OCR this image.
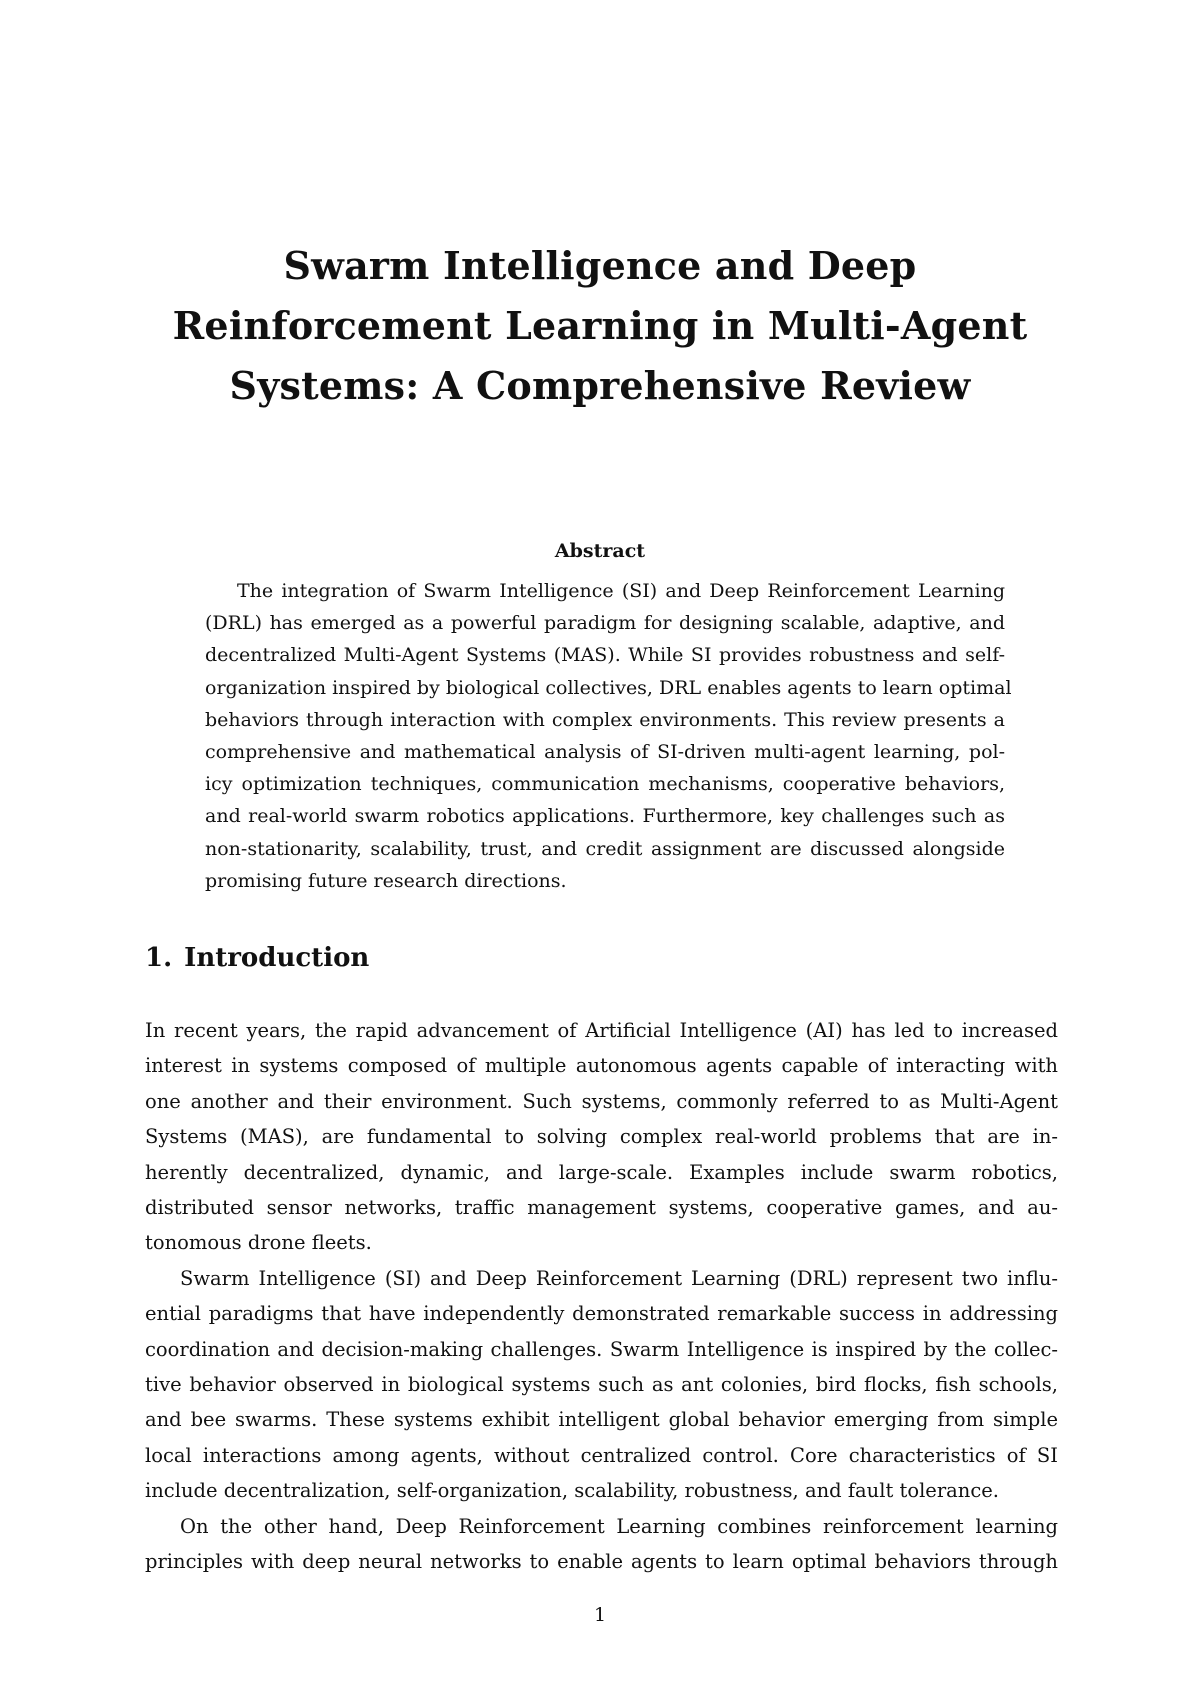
Swarm Intelligence and Deep
Reinforcement Learning in Multi-Agent
Systems: A Comprehensive Review
Abstract
The integration of Swarm Intelligence (SI) and Deep Reinforcement Learning
(DRL) has emerged as a powerful paradigm for designing scalable, adaptive, and
decentralized Multi-Agent Systems (MAS). While SI provides robustness and self-
organization inspired by biological collectives, DRL enables agents to learn optimal
behaviors through interaction with complex environments. This review presents a
comprehensive and mathematical analysis of SI-driven multi-agent learning, pol-
icy optimization techniques, communication mechanisms, cooperative behaviors,
and real-world swarm robotics applications. Furthermore, key challenges such as
non-stationarity, scalability, trust, and credit assignment are discussed alongside
promising future research directions.
1. Introduction
In recent years, the rapid advancement of Artificial Intelligence (AI) has led to increased
interest in systems composed of multiple autonomous agents capable of interacting with
one another and their environment. Such systems, commonly referred to as Multi-Agent
Systems (MAS), are fundamental to solving complex real-world problems that are in-
herently decentralized, dynamic, and large-scale. Examples include swarm robotics,
distributed sensor networks, traffic management systems, cooperative games, and au-
tonomous drone fleets.
Swarm Intelligence (SI) and Deep Reinforcement Learning (DRL) represent two influ-
ential paradigms that have independently demonstrated remarkable success in addressing
coordination and decision-making challenges. Swarm Intelligence is inspired by the collec-
tive behavior observed in biological systems such as ant colonies, bird flocks, fish schools,
and bee swarms. These systems exhibit intelligent global behavior emerging from simple
local interactions among agents, without centralized control. Core characteristics of SI
include decentralization, self-organization, scalability, robustness, and fault tolerance.
On the other hand, Deep Reinforcement Learning combines reinforcement learning
principles with deep neural networks to enable agents to learn optimal behaviors through
1
